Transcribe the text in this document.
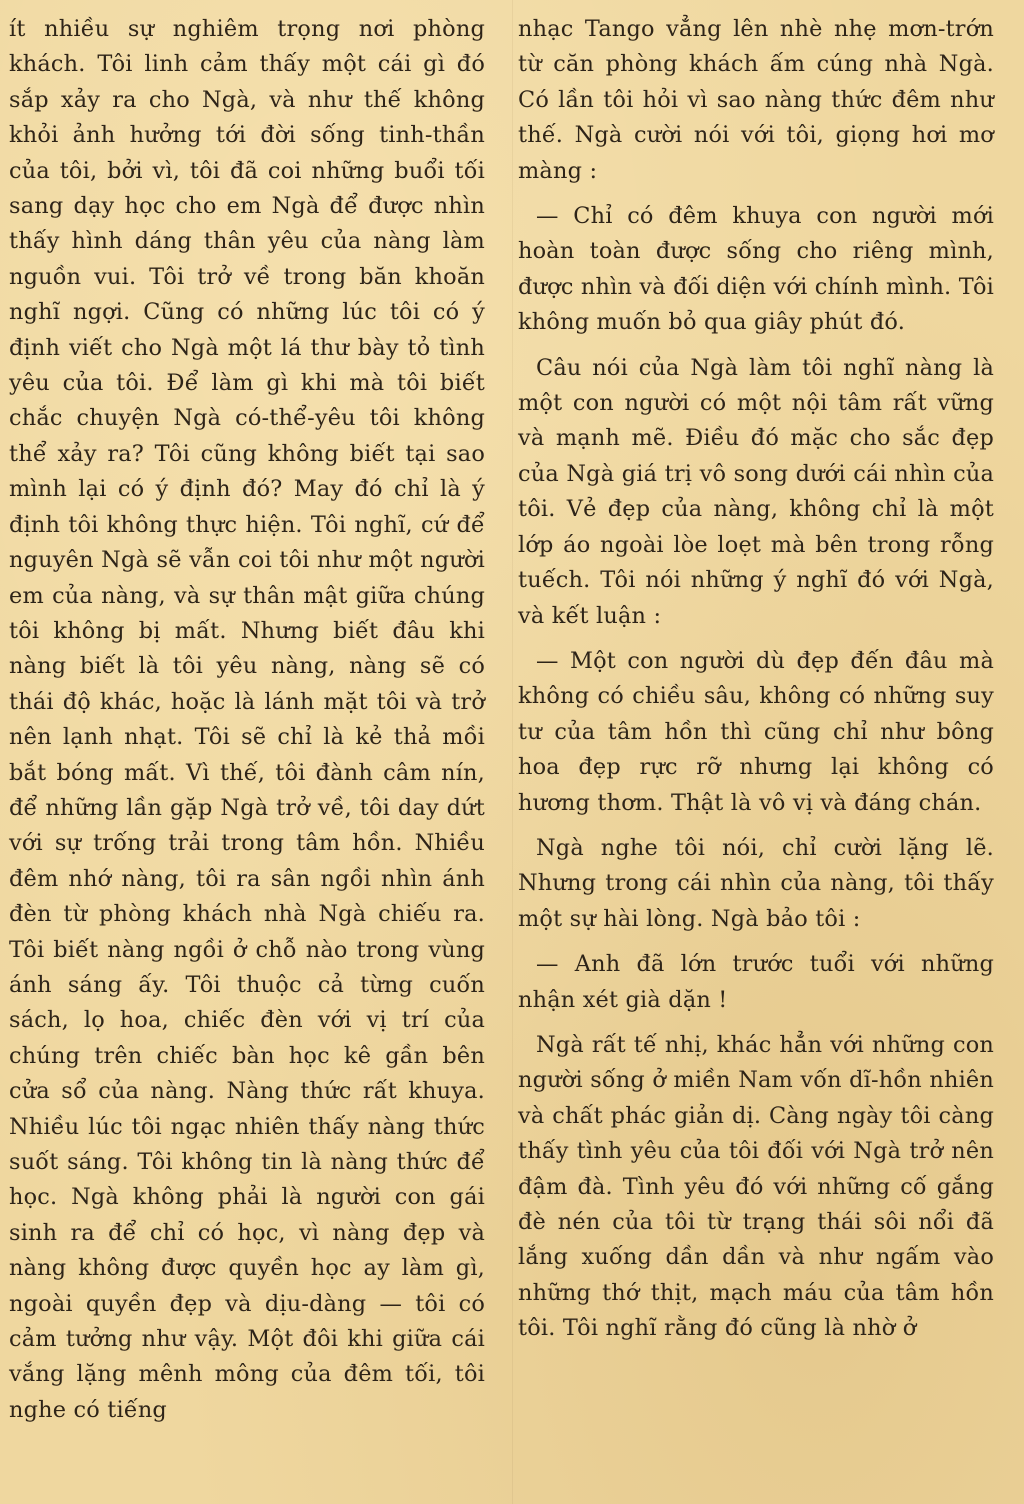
ít nhiều sự nghiêm trọng nơi phòng khách. Tôi linh cảm thấy một cái gì đó sắp xảy ra cho Ngà, và như thế không khỏi ảnh hưởng tới đời sống tinh-thần của tôi, bởi vì, tôi đã coi những buổi tối sang dạy học cho em Ngà để được nhìn thấy hình dáng thân yêu của nàng làm nguồn vui. Tôi trở về trong băn khoăn nghĩ ngợi. Cũng có những lúc tôi có ý định viết cho Ngà một lá thư bày tỏ tình yêu của tôi. Để làm gì khi mà tôi biết chắc chuyện Ngà có-thể-yêu tôi không thể xảy ra? Tôi cũng không biết tại sao mình lại có ý định đó? May đó chỉ là ý định tôi không thực hiện. Tôi nghĩ, cứ để nguyên Ngà sẽ vẫn coi tôi như một người em của nàng, và sự thân mật giữa chúng tôi không bị mất. Nhưng biết đâu khi nàng biết là tôi yêu nàng, nàng sẽ có thái độ khác, hoặc là lánh mặt tôi và trở nên lạnh nhạt. Tôi sẽ chỉ là kẻ thả mồi bắt bóng mất. Vì thế, tôi đành câm nín, để những lần gặp Ngà trở về, tôi day dứt với sự trống trải trong tâm hồn. Nhiều đêm nhớ nàng, tôi ra sân ngồi nhìn ánh đèn từ phòng khách nhà Ngà chiếu ra. Tôi biết nàng ngồi ở chỗ nào trong vùng ánh sáng ấy. Tôi thuộc cả từng cuốn sách, lọ hoa, chiếc đèn với vị trí của chúng trên chiếc bàn học kê gần bên cửa sổ của nàng. Nàng thức rất khuya. Nhiều lúc tôi ngạc nhiên thấy nàng thức suốt sáng. Tôi không tin là nàng thức để học. Ngà không phải là người con gái sinh ra để chỉ có học, vì nàng đẹp và nàng không được quyền học ay làm gì, ngoài quyền đẹp và dịu-dàng — tôi có cảm tưởng như vậy. Một đôi khi giữa cái vắng lặng mênh mông của đêm tối, tôi nghe có tiếng

nhạc Tango vẳng lên nhè nhẹ mơn-trớn từ căn phòng khách ấm cúng nhà Ngà. Có lần tôi hỏi vì sao nàng thức đêm như thế. Ngà cười nói với tôi, giọng hơi mơ màng :

— Chỉ có đêm khuya con người mới hoàn toàn được sống cho riêng mình, được nhìn và đối diện với chính mình. Tôi không muốn bỏ qua giây phút đó.

Câu nói của Ngà làm tôi nghĩ nàng là một con người có một nội tâm rất vững và mạnh mẽ. Điều đó mặc cho sắc đẹp của Ngà giá trị vô song dưới cái nhìn của tôi. Vẻ đẹp của nàng, không chỉ là một lớp áo ngoài lòe loẹt mà bên trong rỗng tuếch. Tôi nói những ý nghĩ đó với Ngà, và kết luận :

— Một con người dù đẹp đến đâu mà không có chiều sâu, không có những suy tư của tâm hồn thì cũng chỉ như bông hoa đẹp rực rỡ nhưng lại không có hương thơm. Thật là vô vị và đáng chán.

Ngà nghe tôi nói, chỉ cười lặng lẽ. Nhưng trong cái nhìn của nàng, tôi thấy một sự hài lòng. Ngà bảo tôi :

— Anh đã lớn trước tuổi với những nhận xét già dặn !

Ngà rất tế nhị, khác hẳn với những con người sống ở miền Nam vốn dĩ-hồn nhiên và chất phác giản dị. Càng ngày tôi càng thấy tình yêu của tôi đối với Ngà trở nên đậm đà. Tình yêu đó với những cố gắng đè nén của tôi từ trạng thái sôi nổi đã lắng xuống dần dần và như ngấm vào những thớ thịt, mạch máu của tâm hồn tôi. Tôi nghĩ rằng đó cũng là nhờ ở
